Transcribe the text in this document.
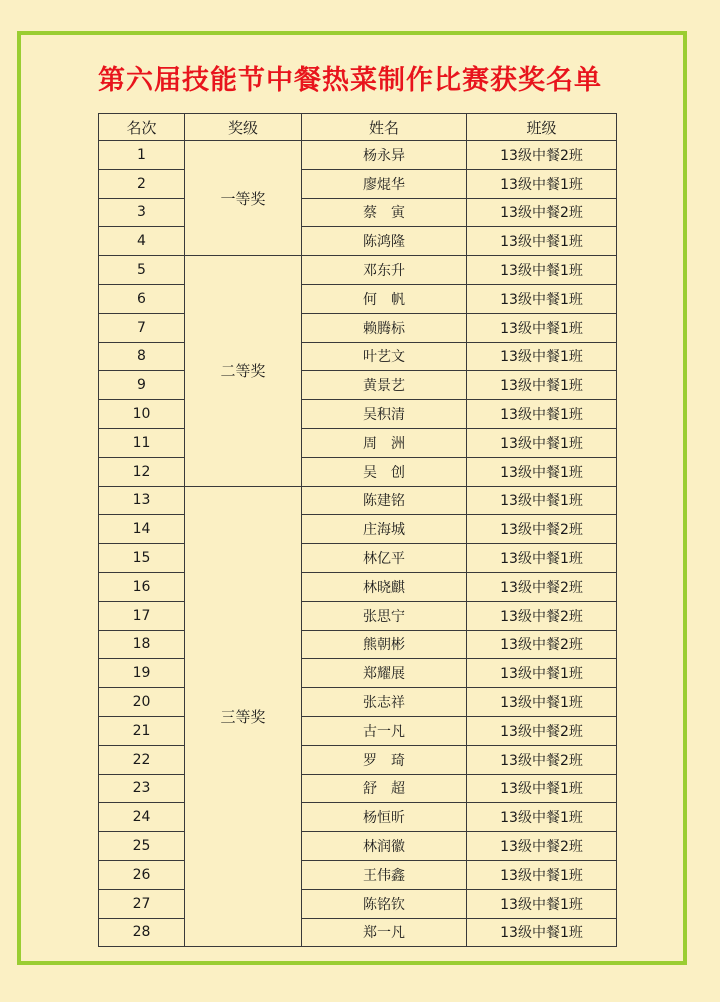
第六届技能节中餐热菜制作比赛获奖名单
名次	奖级	姓名	班级
1	一等奖	杨永异	13级中餐2班
2		廖焜华	13级中餐1班
3		蔡　寅	13级中餐2班
4		陈鸿隆	13级中餐1班
5	二等奖	邓东升	13级中餐1班
6		何　帆	13级中餐1班
7		赖腾标	13级中餐1班
8		叶艺文	13级中餐1班
9		黄景艺	13级中餐1班
10		吴积清	13级中餐1班
11		周　洲	13级中餐1班
12		吴　创	13级中餐1班
13	三等奖	陈建铭	13级中餐1班
14		庄海城	13级中餐2班
15		林亿平	13级中餐1班
16		林晓麒	13级中餐2班
17		张思宁	13级中餐2班
18		熊朝彬	13级中餐2班
19		郑耀展	13级中餐1班
20		张志祥	13级中餐1班
21		古一凡	13级中餐2班
22		罗　琦	13级中餐2班
23		舒　超	13级中餐1班
24		杨恒昕	13级中餐1班
25		林润徽	13级中餐2班
26		王伟鑫	13级中餐1班
27		陈铭钦	13级中餐1班
28		郑一凡	13级中餐1班
